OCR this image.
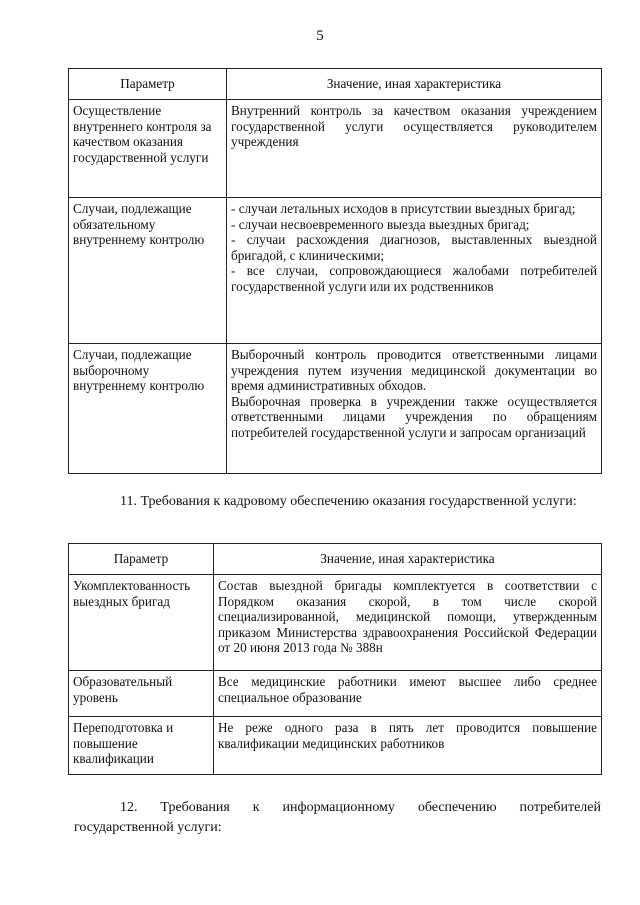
5
Параметр	Значение, иная характеристика
Осуществление внутреннего контроля за качеством оказания государственной услуги	Внутренний контроль за качеством оказания учреждением государственной услуги осуществляется руководителем учреждения

Случаи, подлежащие обязательному внутреннему контролю	- случаи летальных исходов в присутствии выездных бригад;
- случаи несвоевременного выезда выездных бригад;
- случаи расхождения диагнозов, выставленных выездной бригадой, с клиническими;
- все случаи, сопровождающиеся жалобами потребителей государственной услуги или их родственников

Случаи, подлежащие выборочному внутреннему контролю	Выборочный контроль проводится ответственными лицами учреждения путем изучения медицинской документации во время административных обходов.
Выборочная проверка в учреждении также осуществляется ответственными лицами учреждения по обращениям потребителей государственной услуги и запросам организаций
11. Требования к кадровому обеспечению оказания государственной услуги:
Параметр	Значение, иная характеристика
Укомплектованность выездных бригад	Состав выездной бригады комплектуется в соответствии с Порядком оказания скорой, в том числе скорой специализированной, медицинской помощи, утвержденным приказом Министерства здравоохранения Российской Федерации от 20 июня 2013 года № 388н

Образовательный уровень	Все медицинские работники имеют высшее либо среднее специальное образование

Переподготовка и повышение квалификации	Не реже одного раза в пять лет проводится повышение квалификации медицинских работников
12. Требования к информационному обеспечению потребителей государственной услуги:
